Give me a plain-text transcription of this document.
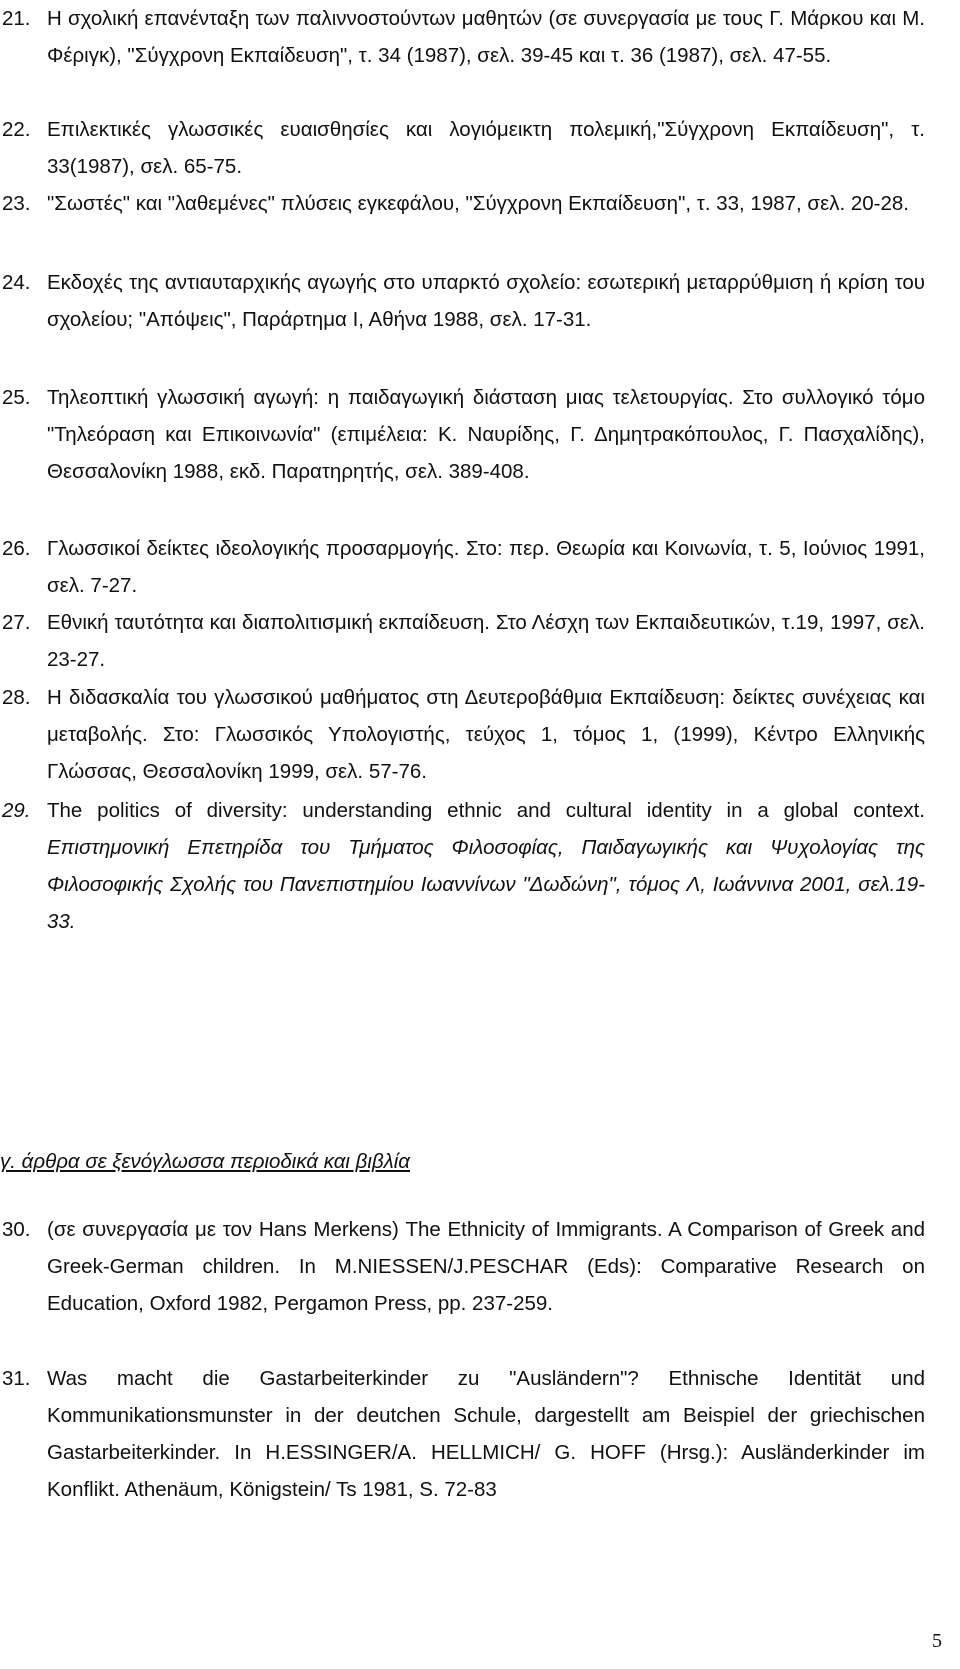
21. Η σχολική επανένταξη των παλιννοστούντων μαθητών (σε συνεργασία με τους Γ. Μάρκου και Μ. Φέριγκ), "Σύγχρονη Εκπαίδευση", τ. 34 (1987), σελ. 39-45 και τ. 36 (1987), σελ. 47-55.
22. Επιλεκτικές γλωσσικές ευαισθησίες και λογιόμεικτη πολεμική,"Σύγχρονη Εκπαίδευση", τ. 33(1987), σελ. 65-75.
23. "Σωστές" και "λαθεμένες" πλύσεις εγκεφάλου, "Σύγχρονη Εκπαίδευση", τ. 33, 1987, σελ. 20-28.
24. Εκδοχές της αντιαυταρχικής αγωγής στο υπαρκτό σχολείο: εσωτερική μεταρρύθμιση ή κρίση του σχολείου; "Απόψεις", Παράρτημα Ι, Αθήνα 1988, σελ. 17-31.
25. Τηλεοπτική γλωσσική αγωγή: η παιδαγωγική διάσταση μιας τελετουργίας. Στο συλλογικό τόμο "Τηλεόραση και Επικοινωνία" (επιμέλεια: Κ. Ναυρίδης, Γ. Δημητρακόπουλος, Γ. Πασχαλίδης), Θεσσαλονίκη 1988, εκδ. Παρατηρητής, σελ. 389-408.
26. Γλωσσικοί δείκτες ιδεολογικής προσαρμογής. Στο: περ. Θεωρία και Κοινωνία, τ. 5, Ιούνιος 1991, σελ. 7-27.
27. Εθνική ταυτότητα και διαπολιτισμική εκπαίδευση. Στο Λέσχη των Εκπαιδευτικών, τ.19, 1997, σελ. 23-27.
28. Η διδασκαλία του γλωσσικού μαθήματος στη Δευτεροβάθμια Εκπαίδευση: δείκτες συνέχειας και μεταβολής. Στο: Γλωσσικός Υπολογιστής, τεύχος 1, τόμος 1, (1999), Κέντρο Ελληνικής Γλώσσας, Θεσσαλονίκη 1999, σελ. 57-76.
29. The politics of diversity: understanding ethnic and cultural identity in a global context. Επιστημονική Επετηρίδα του Τμήματος Φιλοσοφίας, Παιδαγωγικής και Ψυχολογίας της Φιλοσοφικής Σχολής του Πανεπιστημίου Ιωαννίνων "Δωδώνη", τόμος Λ, Ιωάννινα 2001, σελ.19-33.
γ. άρθρα σε ξενόγλωσσα περιοδικά και βιβλία
30. (σε συνεργασία με τον Hans Merkens) The Ethnicity of Immigrants. A Comparison of Greek and Greek-German children. In M.NIESSEN/J.PESCHAR (Eds): Comparative Research on Education, Oxford 1982, Pergamon Press, pp. 237-259.
31. Was macht die Gastarbeiterkinder zu "Ausländern"? Ethnische Identität und Kommunikationsmunster in der deutchen Schule, dargestellt am Beispiel der griechischen Gastarbeiterkinder. In H.ESSINGER/A. HELLMICH/ G. HOFF (Hrsg.): Ausländerkinder im Konflikt. Athenäum, Königstein/ Ts 1981, S. 72-83
5
